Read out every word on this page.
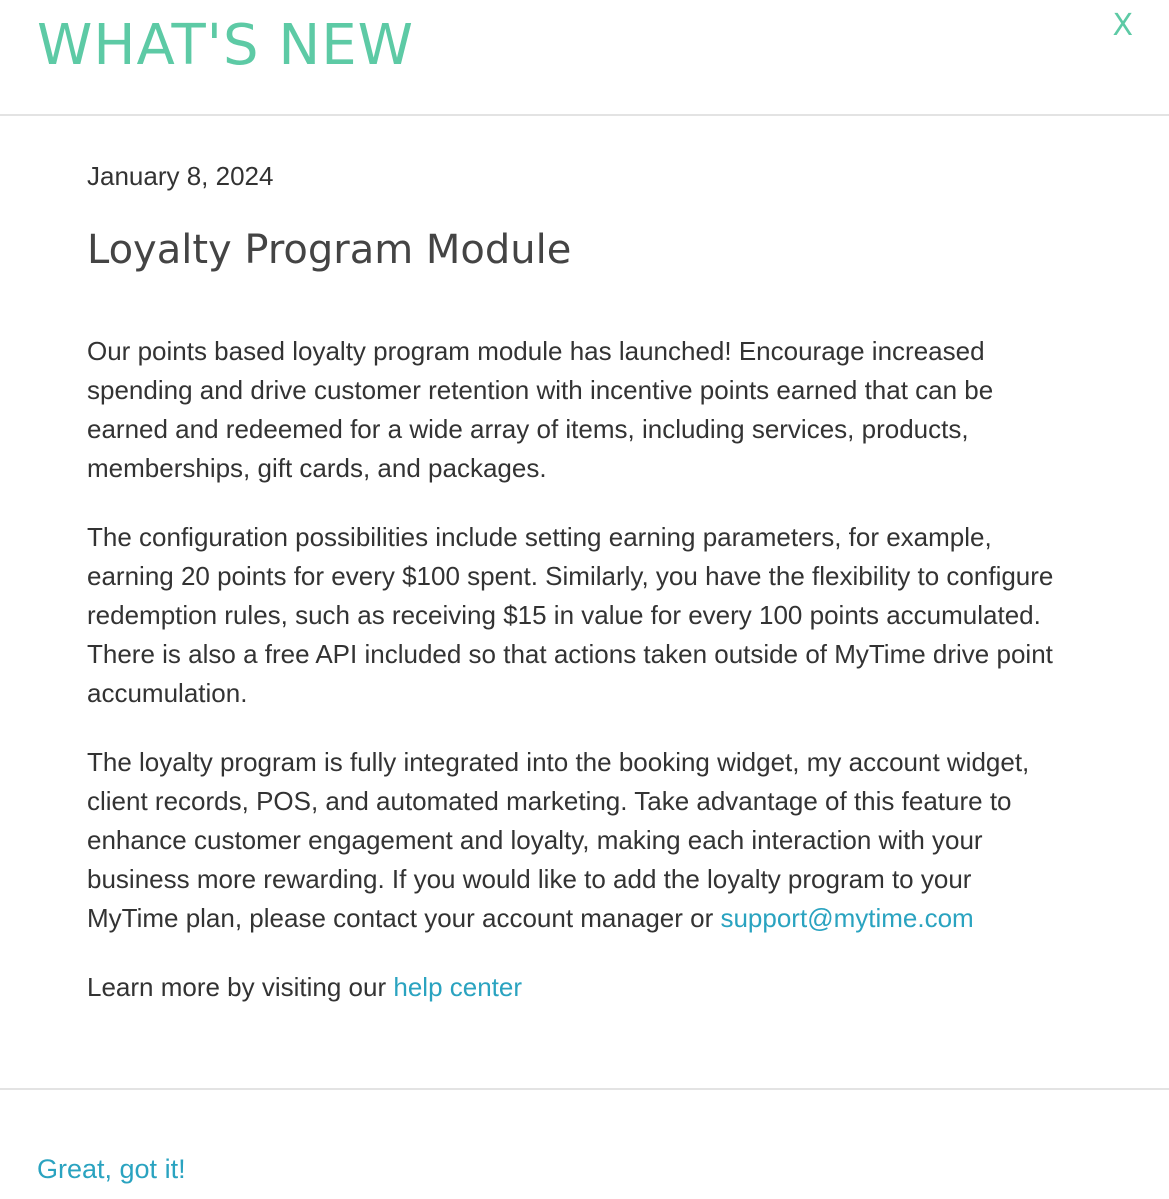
WHAT'S NEW	X
January 8, 2024
Loyalty Program Module

Our points based loyalty program module has launched! Encourage increased spending and drive customer retention with incentive points earned that can be earned and redeemed for a wide array of items, including services, products, memberships, gift cards, and packages.

The configuration possibilities include setting earning parameters, for example, earning 20 points for every $100 spent. Similarly, you have the flexibility to configure redemption rules, such as receiving $15 in value for every 100 points accumulated. There is also a free API included so that actions taken outside of MyTime drive point accumulation.

The loyalty program is fully integrated into the booking widget, my account widget, client records, POS, and automated marketing. Take advantage of this feature to enhance customer engagement and loyalty, making each interaction with your business more rewarding. If you would like to add the loyalty program to your MyTime plan, please contact your account manager or support@mytime.com

Learn more by visiting our help center

Great, got it!
